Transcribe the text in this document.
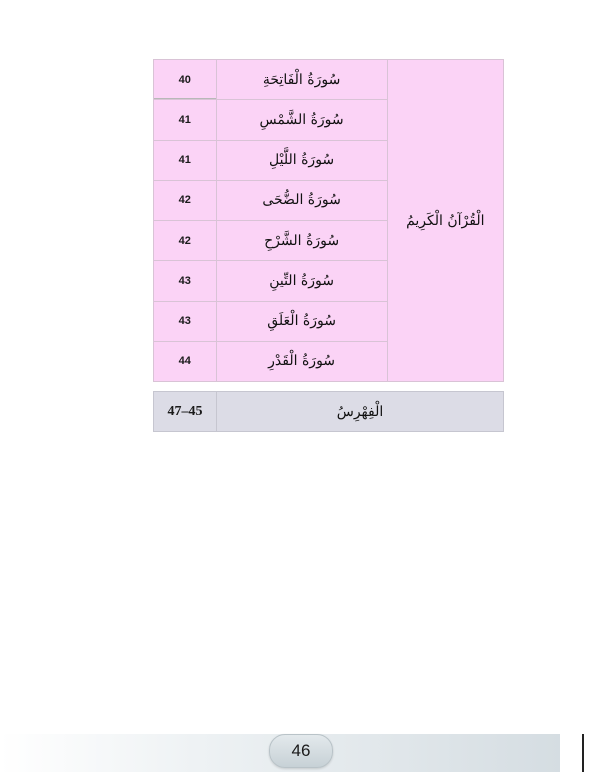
40	سُورَةُ الْفَاتِحَةِ	الْقُرْآنُ الْكَرِيمُ
41	سُورَةُ الشَّمْسِ	
41	سُورَةُ اللَّيْلِ	
42	سُورَةُ الضُّحَى	
42	سُورَةُ الشَّرْحِ	
43	سُورَةُ التِّينِ	
43	سُورَةُ الْعَلَقِ	
44	سُورَةُ الْقَدْرِ	
47–45	الْفِهْرِسُ
46
